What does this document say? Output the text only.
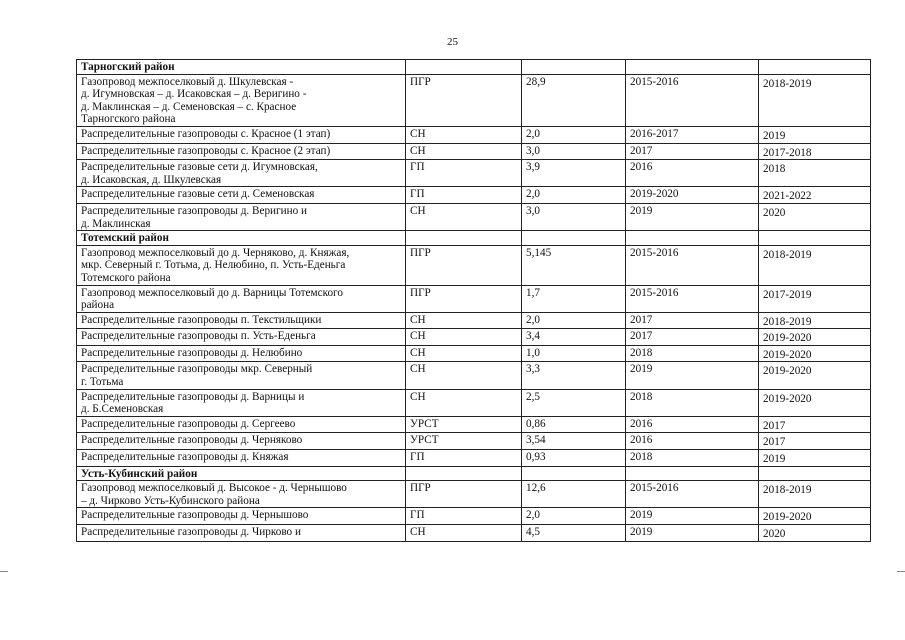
25
Тарногский район				
Газопровод межпоселковый д. Шкулевская -
д. Игумновская – д. Исаковская – д. Веригино -
д. Маклинская – д. Семеновская – с. Красное
Тарногского района	ПГР	28,9	2015-2016	2018-2019
Распределительные газопроводы с. Красное (1 этап)	СН	2,0	2016-2017	2019
Распределительные газопроводы с. Красное (2 этап)	СН	3,0	2017	2017-2018
Распределительные газовые сети д. Игумновская,
д. Исаковская, д. Шкулевская	ГП	3,9	2016	2018
Распределительные газовые сети д. Семеновская	ГП	2,0	2019-2020	2021-2022
Распределительные газопроводы д. Веригино и
д. Маклинская	СН	3,0	2019	2020
Тотемский район				
Газопровод межпоселковый до д. Черняково, д. Княжая,
мкр. Северный г. Тотьма, д. Нелюбино, п. Усть-Еденьга
Тотемского района	ПГР	5,145	2015-2016	2018-2019
Газопровод межпоселковый до д. Варницы Тотемского
района	ПГР	1,7	2015-2016	2017-2019
Распределительные газопроводы п. Текстильщики	СН	2,0	2017	2018-2019
Распределительные газопроводы п. Усть-Еденьга	СН	3,4	2017	2019-2020
Распределительные газопроводы д. Нелюбино	СН	1,0	2018	2019-2020
Распределительные газопроводы мкр. Северный
г. Тотьма	СН	3,3	2019	2019-2020
Распределительные газопроводы д. Варницы и
д. Б.Семеновская	СН	2,5	2018	2019-2020
Распределительные газопроводы д. Сергеево	УРСТ	0,86	2016	2017
Распределительные газопроводы д. Черняково	УРСТ	3,54	2016	2017
Распределительные газопроводы д. Княжая	ГП	0,93	2018	2019
Усть-Кубинский район				
Газопровод межпоселковый д. Высокое - д. Чернышово
– д. Чирково Усть-Кубинского района	ПГР	12,6	2015-2016	2018-2019
Распределительные газопроводы д. Чернышово	ГП	2,0	2019	2019-2020
Распределительные газопроводы д. Чирково и	СН	4,5	2019	2020
